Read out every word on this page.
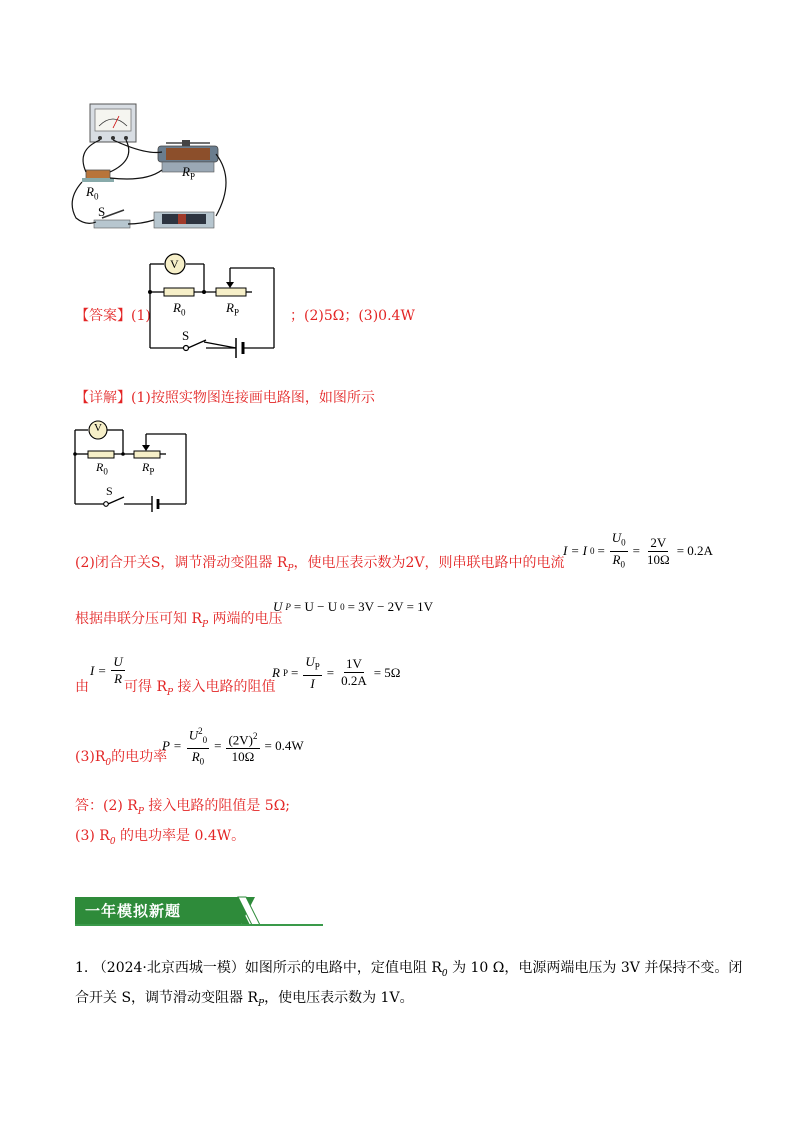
$R_0$
$R_P$
S
【答案】(1)
V
$R_0$	$R_P$
S
；(2)5Ω；(3)0.4W
【详解】(1)按照实物图连接画电路图，如图所示
V
$R_0$	$R_P$
S
(2)闭合开关S，调节滑动变阻器 $R_P$，使电压表示数为2V，则串联电路中的电流
I = I $0 = \frac{U_0}{R_0} = \frac{2V}{10\Omega} = 0.2A$
根据串联分压可知 $R_P$ 两端的电压
U P = U − U 0 = 3V − 2V = 1V
由
$I = \frac{U}{R}$ 可得 $R_P$ 接入电路的阻值
R $P = \frac{U_P}{I} = \frac{1V}{0.2A} = 5\Omega$
$(3)R_0$的电功率
$P = \frac{U^2_0}{R_0} = \frac{(2V)^2}{10\Omega} = 0.4W$
答：(2) $R_P$ 接入电路的阻值是 5Ω;
(3) $R_0$ 的电功率是 0.4W。
一年模拟新题
1. （2024·北京西城一模）如图所示的电路中，定值电阻 $R_0$ 为 10 Ω，电源两端电压为 3V 并保持不变。闭
合开关 S，调节滑动变阻器 $R_P$，使电压表示数为 1V。
